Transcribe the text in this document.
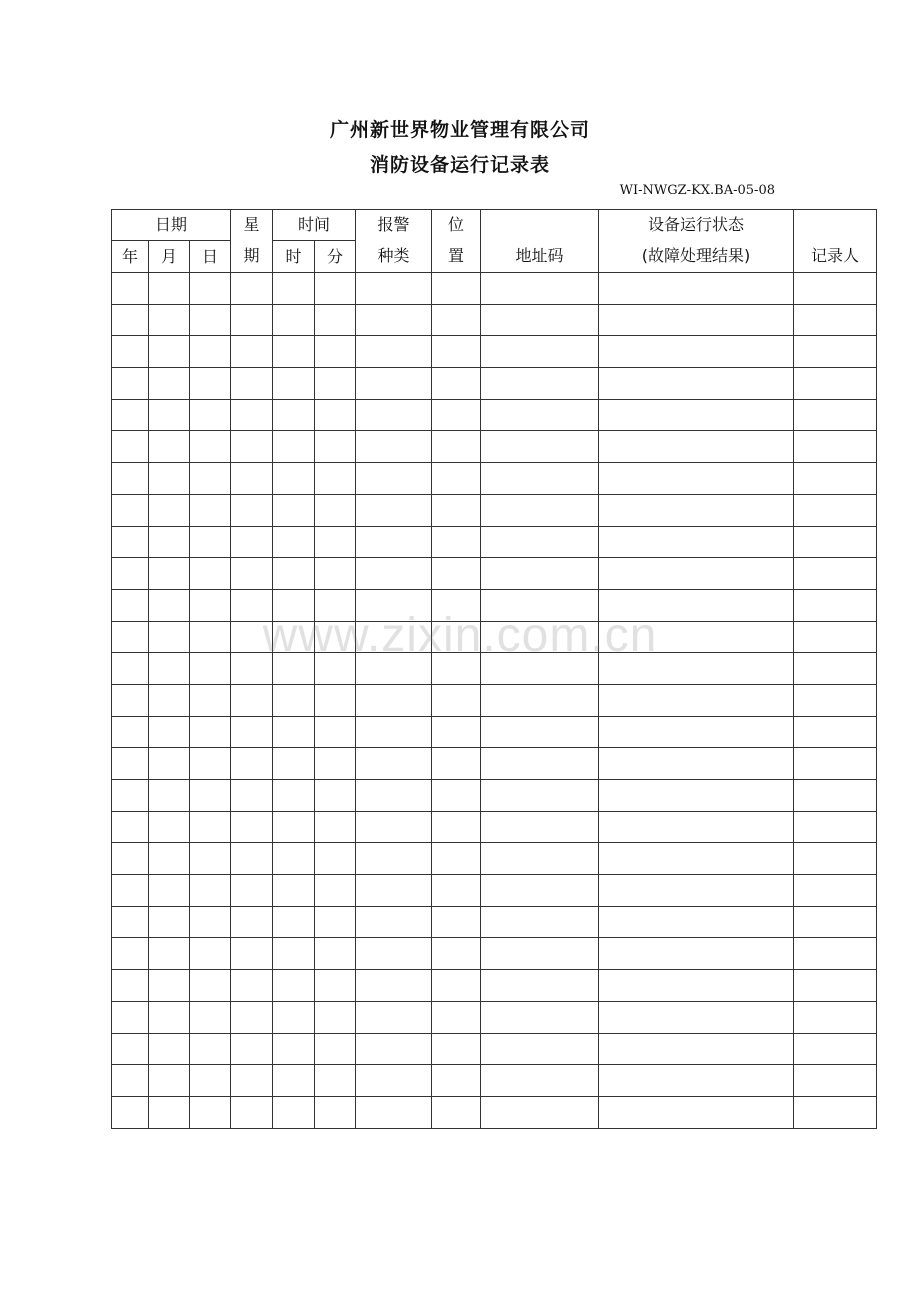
广州新世界物业管理有限公司
消防设备运行记录表
WI-NWGZ-KX.BA-05-08
日期			星	时间		报警	位		设备运行状态	
年	月	日	期	时	分	种类	置	地址码	(故障处理结果)	记录人

www.zixin.com.cn
